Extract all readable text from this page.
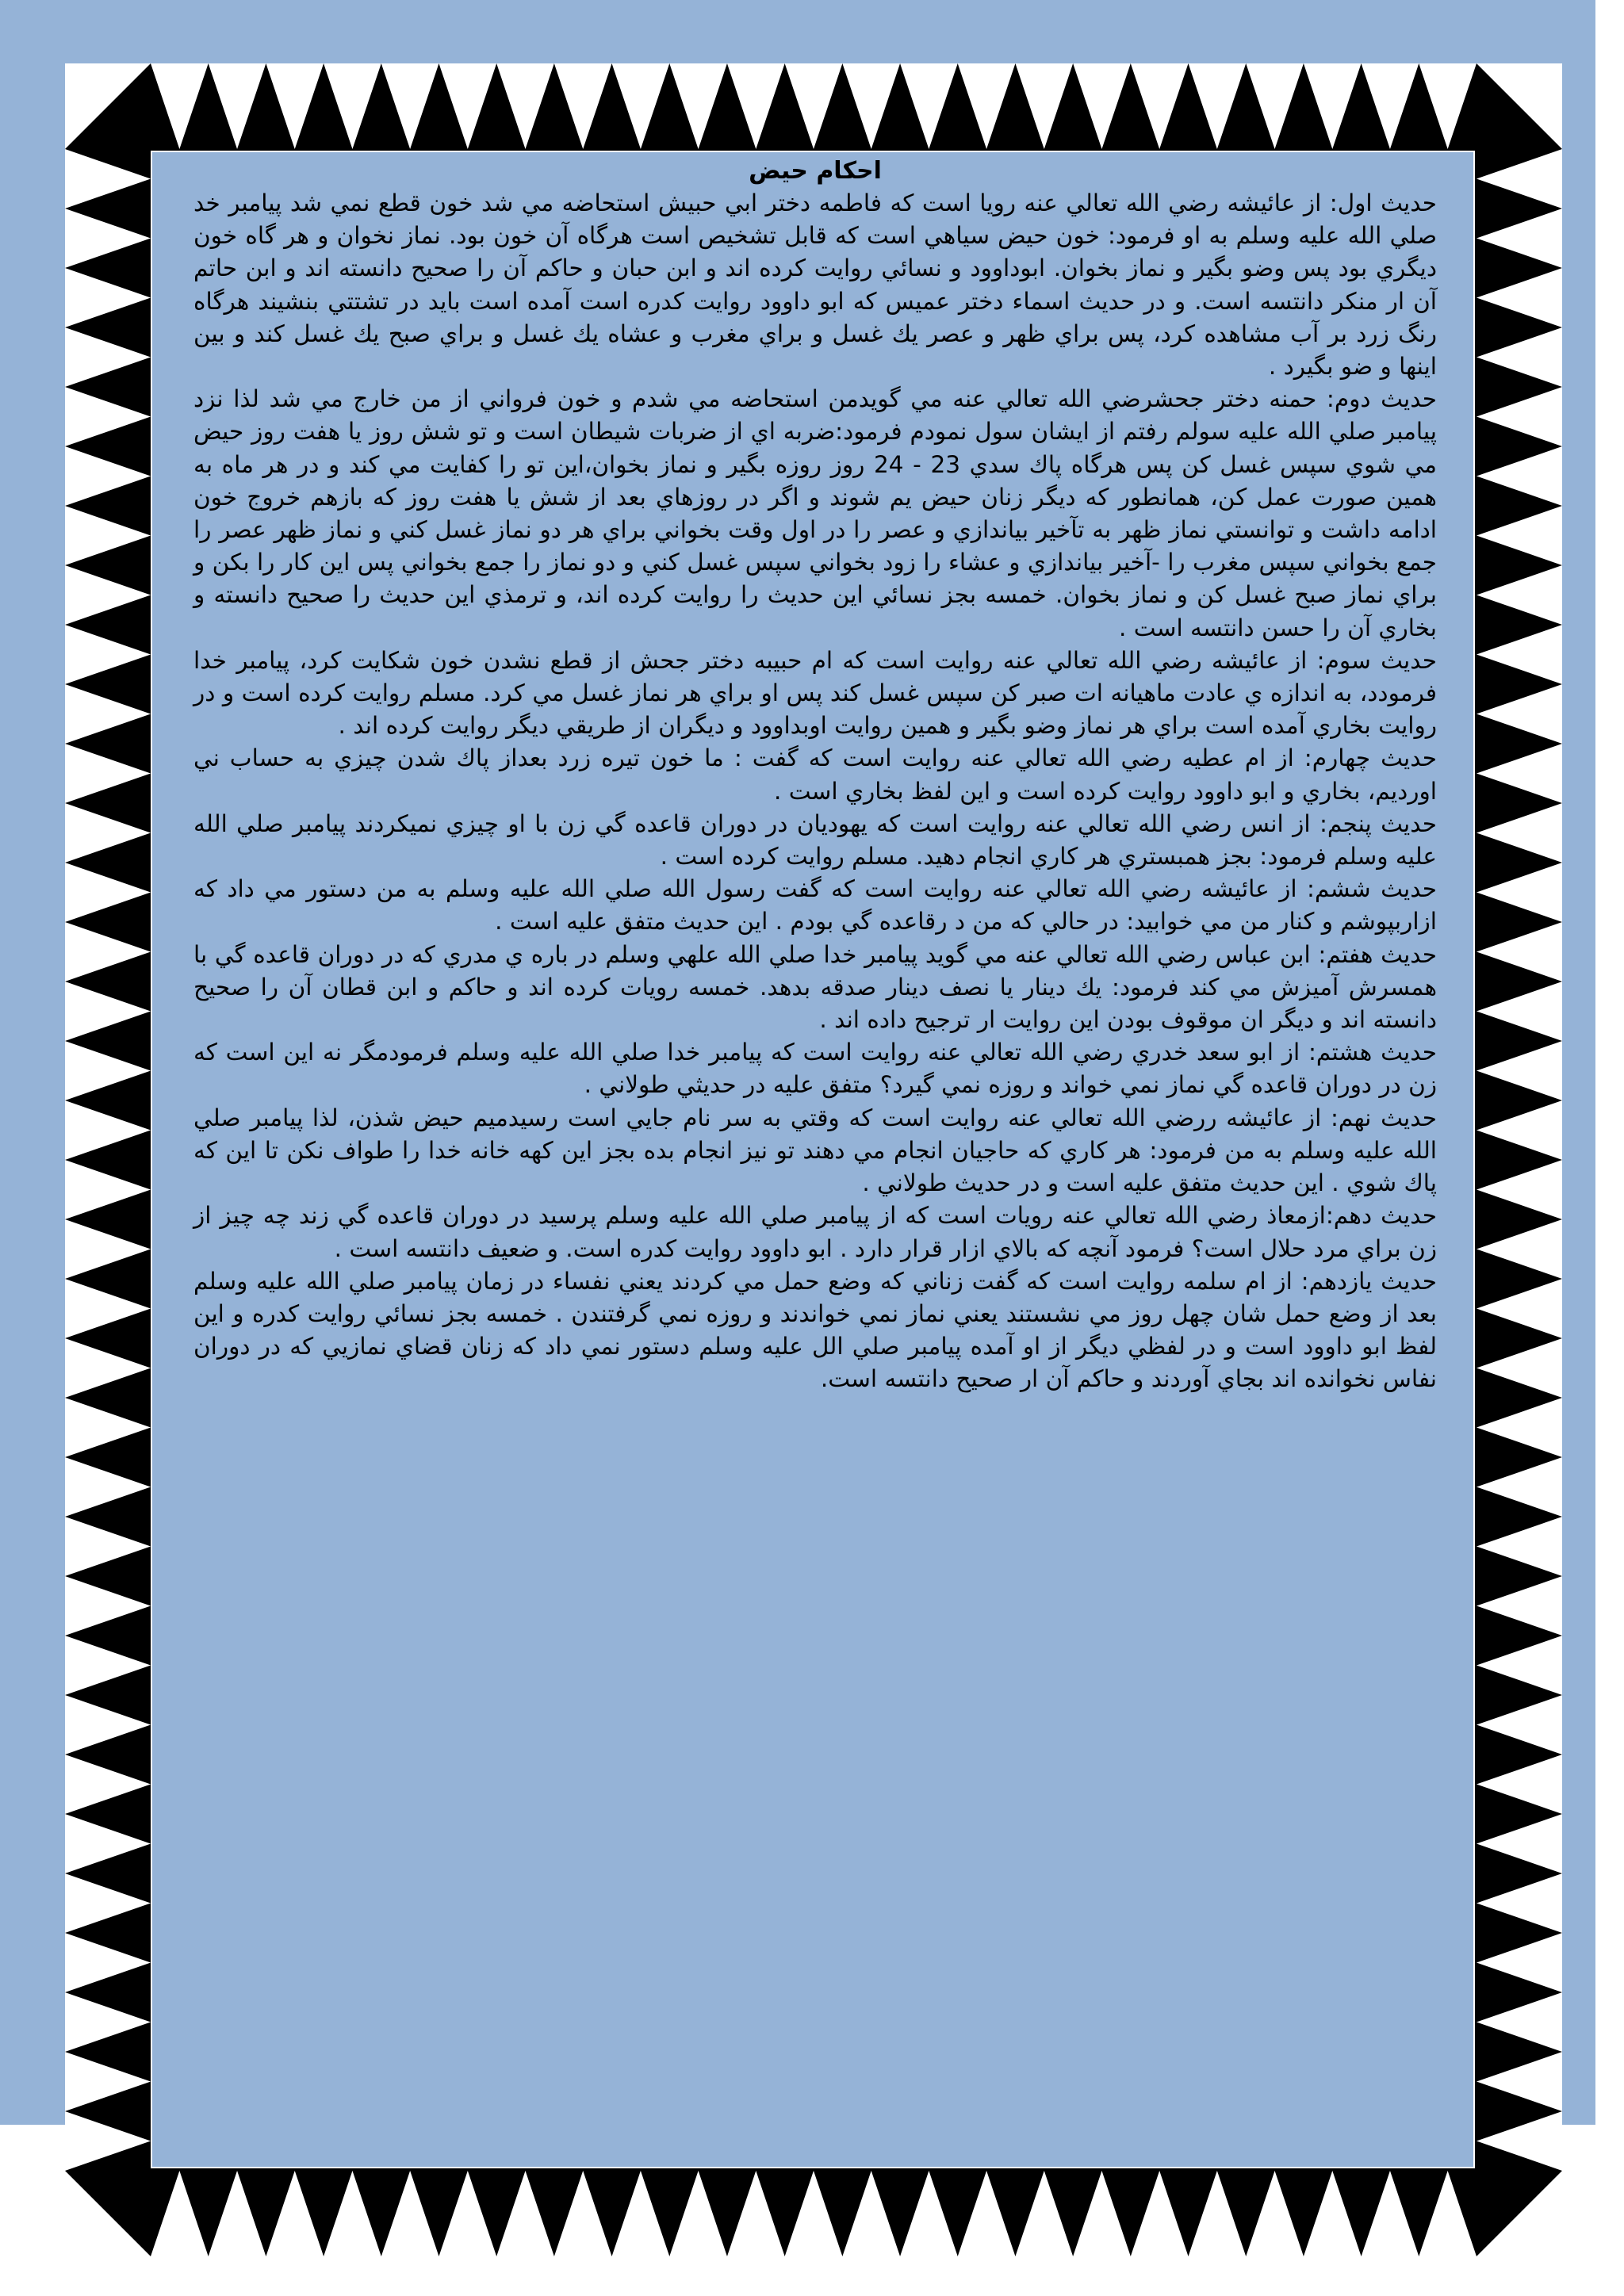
احكام حيض

حديث اول: از عائيشه رضي الله تعالي عنه رويا است كه فاطمه دختر ابي حبيش استحاضه مي شد خون قطع نمي شد پيامبر خد صلي الله عليه وسلم به او فرمود: خون حيض سياهي است كه قابل تشخيص است هرگاه آن خون بود. نماز نخوان و هر گاه خون ديگري بود پس وضو بگير و نماز بخوان. ابوداوود و نسائي روايت كرده اند و ابن حبان و حاكم آن را صحيح دانسته اند و ابن حاتم آن ار منكر دانتسه است. و در حديث اسماء دختر عميس كه ابو داوود روايت كدره است آمده است بايد در تشتتي بنشيند هرگاه رنگ زرد بر آب مشاهده كرد، پس براي ظهر و عصر يك غسل و براي مغرب و عشاه يك غسل و براي صبح يك غسل كند و بين اينها و ضو بگيرد .

حديث دوم: حمنه دختر جحشرضي الله تعالي عنه مي گويدمن استحاضه مي شدم و خون فرواني از من خارج مي شد لذا نزد پيامبر صلي الله عليه سولم رفتم از ايشان سول نمودم فرمود:ضربه اي از ضربات شيطان است و تو شش روز يا هفت روز حيض مي شوي سپس غسل كن پس هرگاه پاك سدي 23 - 24 روز روزه بگير و نماز بخوان،اين تو را كفايت مي كند و در هر ماه به همين صورت عمل كن، همانطور كه ديگر زنان حيض يم شوند و اگر در روزهاي بعد از شش يا هفت روز كه بازهم خروج خون ادامه داشت و توانستي نماز ظهر به تآخير بياندازي و عصر را در اول وقت بخواني براي هر دو نماز غسل كني و نماز ظهر عصر را جمع بخواني سپس مغرب را -آخير بياندازي و عشاء را زود بخواني سپس غسل كني و دو نماز را جمع بخواني پس اين كار را بكن و براي نماز صبح غسل كن و نماز بخوان. خمسه بجز نسائي اين حديث را روايت كرده اند، و ترمذي اين حديث را صحيح دانسته و بخاري آن را حسن دانتسه است .

حديث سوم: از عائيشه رضي الله تعالي عنه روايت است كه ام حبيبه دختر جحش از قطع نشدن خون شكايت كرد، پيامبر خدا فرمودد، به اندازه ي عادت ماهيانه ات صبر كن سپس غسل كند پس او براي هر نماز غسل مي كرد. مسلم روايت كرده است و در روايت بخاري آمده است براي هر نماز وضو بگير و همين روايت اوبداوود و ديگران از طريقي ديگر روايت كرده اند .

حديث چهارم: از ام عطيه رضي الله تعالي عنه روايت است كه گفت : ما خون تيره زرد بعداز پاك شدن چيزي به حساب ني اورديم، بخاري و ابو داوود روايت كرده است و اين لفظ بخاري است .

حديث پنجم: از انس رضي الله تعالي عنه روايت است كه يهوديان در دوران قاعده گي زن با او چيزي نميكردند پيامبر صلي الله عليه وسلم فرمود: بجز همبستري هر كاري انجام دهيد. مسلم روايت كرده است .

حديث ششم: از عائيشه رضي الله تعالي عنه روايت است كه گفت رسول الله صلي الله عليه وسلم به من دستور مي داد كه ازاربپوشم و كنار من مي خوابيد: در حالي كه من د رقاعده گي بودم . اين حديث متفق عليه است .

حديث هفتم: ابن عباس رضي الله تعالي عنه مي گويد پيامبر خدا صلي الله علهي وسلم در باره ي مدري كه در دوران قاعده گي با همسرش آميزش مي كند فرمود: يك دينار يا نصف دينار صدقه بدهد. خمسه رويات كرده اند و حاكم و ابن قطان آن را صحيح دانسته اند و ديگر ان موقوف بودن اين روايت ار ترجيح داده اند .

حديث هشتم: از ابو سعد خدري رضي الله تعالي عنه روايت است كه پيامبر خدا صلي الله عليه وسلم فرمودمگر نه اين است كه زن در دوران قاعده گي نماز نمي خواند و روزه نمي گيرد؟ متفق عليه در حديثي طولاني .

حديث نهم: از عائيشه ررضي الله تعالي عنه روايت است كه وقتي به سر نام جايي است رسيدميم حيض شذن، لذا پيامبر صلي الله عليه وسلم به من فرمود: هر كاري كه حاجيان انجام مي دهند تو نيز انجام بده بجز اين كهه خانه خدا را طواف نكن تا اين كه پاك شوي . اين حديث متفق عليه است و در حديث طولاني .

حديث دهم:ازمعاذ رضي الله تعالي عنه رويات است كه از پيامبر صلي الله عليه وسلم پرسيد در دوران قاعده گي زند چه چيز از زن براي مرد حلال است؟ فرمود آنچه كه بالاي ازار قرار دارد . ابو داوود روايت كدره است. و ضعيف دانتسه است .

حديث يازدهم: از ام سلمه روايت است كه گفت زناني كه وضع حمل مي كردند يعني نفساء در زمان پيامبر صلي الله عليه وسلم بعد از وضع حمل شان چهل روز مي نشستند يعني نماز نمي خواندند و روزه نمي گرفتندن . خمسه بجز نسائي روايت كدره و اين لفظ ابو داوود است و در لفظي ديگر از او آمده پيامبر صلي الل عليه وسلم دستور نمي داد كه زنان قضاي نمازيي كه در دوران نفاس نخوانده اند بجاي آوردند و حاكم آن ار صحيح دانتسه است.
